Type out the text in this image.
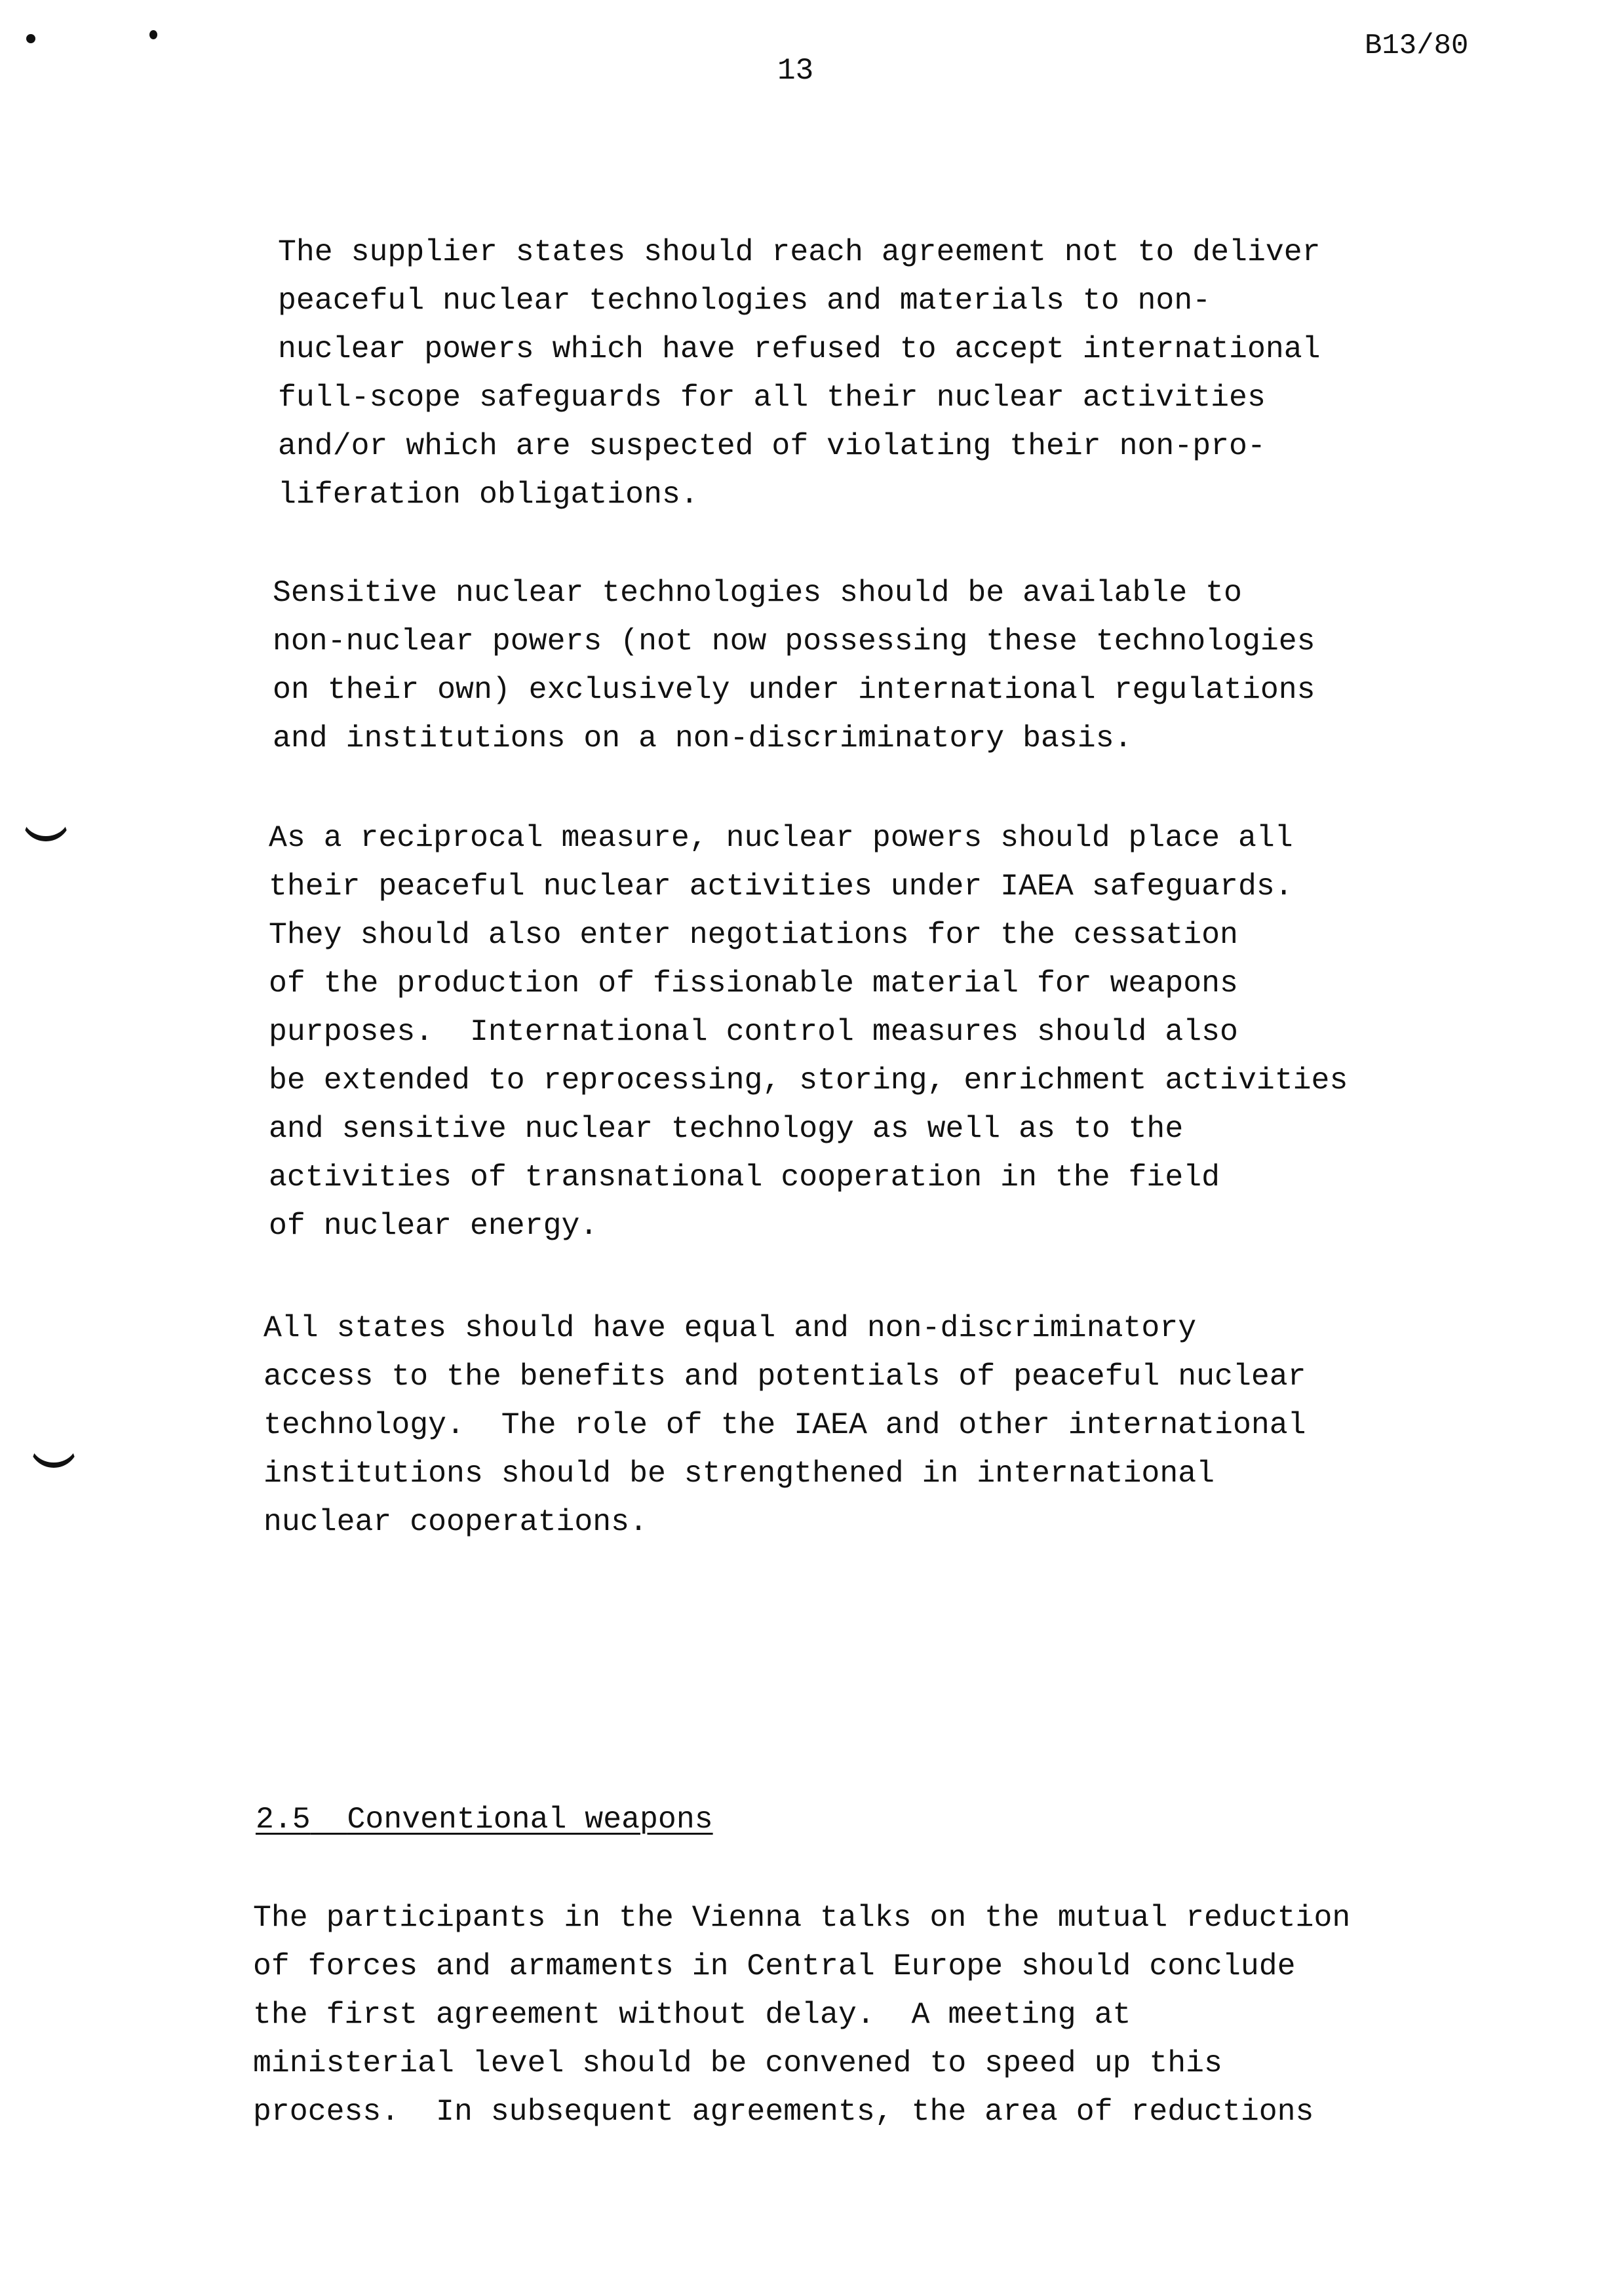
13
B13/80
The supplier states should reach agreement not to deliver
peaceful nuclear technologies and materials to non-
nuclear powers which have refused to accept international
full-scope safeguards for all their nuclear activities
and/or which are suspected of violating their non-pro-
liferation obligations.
Sensitive nuclear technologies should be available to
non-nuclear powers (not now possessing these technologies
on their own) exclusively under international regulations
and institutions on a non-discriminatory basis.
As a reciprocal measure, nuclear powers should place all
their peaceful nuclear activities under IAEA safeguards.
They should also enter negotiations for the cessation
of the production of fissionable material for weapons
purposes.  International control measures should also
be extended to reprocessing, storing, enrichment activities
and sensitive nuclear technology as well as to the
activities of transnational cooperation in the field
of nuclear energy.
All states should have equal and non-discriminatory
access to the benefits and potentials of peaceful nuclear
technology.  The role of the IAEA and other international
institutions should be strengthened in international
nuclear cooperations.
2.5 Conventional weapons
The participants in the Vienna talks on the mutual reduction
of forces and armaments in Central Europe should conclude
the first agreement without delay.  A meeting at
ministerial level should be convened to speed up this
process.  In subsequent agreements, the area of reductions
